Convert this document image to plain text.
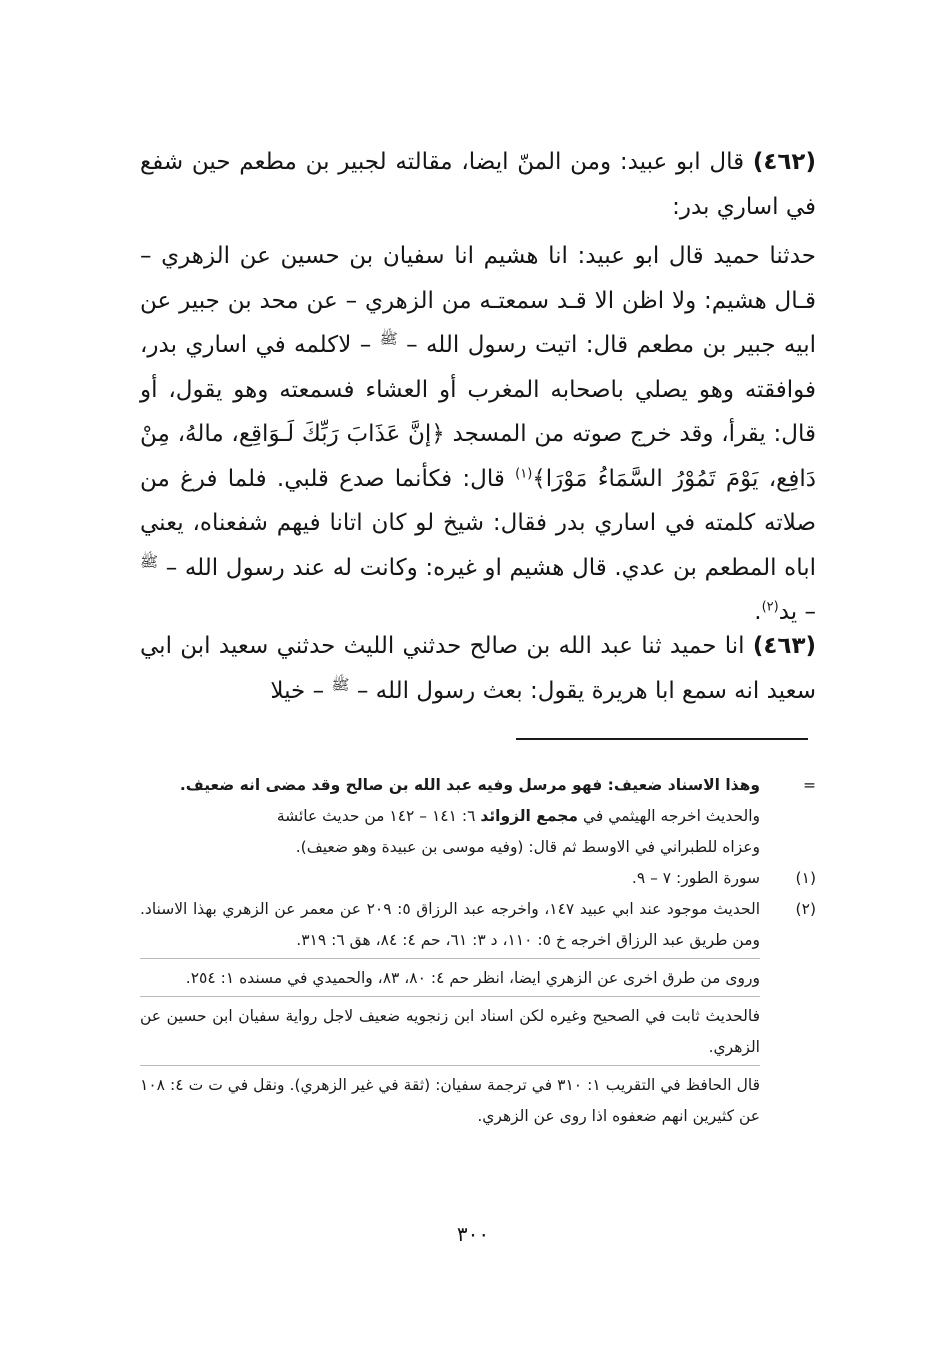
(٤٦٢) قال ابو عبيد: ومن المنّ ايضا، مقالته لجبير بن مطعم حين شفع في اساري بدر:
حدثنا حميد قال ابو عبيد: انا هشيم انا سفيان بن حسين عن الزهري – قـال هشيم: ولا اظن الا قـد سمعتـه من الزهري – عن محد بن جبير عن ابيه جبير بن مطعم قال: اتيت رسول الله – $^ﷺ$ – لاكلمه في اساري بدر، فوافقته وهو يصلي باصحابه المغرب أو العشاء فسمعته وهو يقول، أو قال: يقرأ، وقد خرج صوته من المسجد ﴿إنَّ عَذَابَ رَبِّكَ لَـوَاقِع، مالهُ، مِنْ دَافِع، يَوْمَ تَمُوْرُ السَّمَاءُ مَوْرَا﴾$^{(١)}$ قال: فكأنما صدع قلبي. فلما فرغ من صلاته كلمته في اساري بدر فقال: شيخ لو كان اتانا فيهم شفعناه، يعني اباه المطعم بن عدي. قال هشيم او غيره: وكانت له عند رسول الله – $^ﷺ$ – يد$^{(٢)}$.
(٤٦٣) انا حميد ثنا عبد الله بن صالح حدثني الليث حدثني سعيد ابن ابي سعيد انه سمع ابا هريرة يقول: بعث رسول الله – $^ﷺ$ – خيلا
=
وهذا الاسناد ضعيف: فهو مرسل وفيه عبد الله بن صالح وقد مضى انه ضعيف.
والحديث اخرجه الهيثمي في مجمع الزوائد ٦: ١٤١ – ١٤٢ من حديث عائشة
وعزاه للطبراني في الاوسط ثم قال: (وفيه موسى بن عبيدة وهو ضعيف).
(١)
سورة الطور: ٧ – ٩.
(٢)
الحديث موجود عند ابي عبيد ١٤٧، واخرجه عبد الرزاق ٥: ٢٠٩ عن معمر عن الزهري بهذا الاسناد. ومن طريق عبد الرزاق اخرجه خ ٥: ١١٠، د ٣: ٦١، حم ٤: ٨٤، هق ٦: ٣١٩.
وروى من طرق اخرى عن الزهري ايضا، انظر حم ٤: ٨٠، ٨٣، والحميدي في مسنده ١: ٢٥٤.
فالحديث ثابت في الصحيح وغيره لكن اسناد ابن زنجويه ضعيف لاجل رواية سفيان ابن حسين عن الزهري.
قال الحافظ في التقريب ١: ٣١٠ في ترجمة سفيان: (ثقة في غير الزهري). ونقل في ت ت ٤: ١٠٨ عن كثيرين انهم ضعفوه اذا روى عن الزهري.
٣٠٠
